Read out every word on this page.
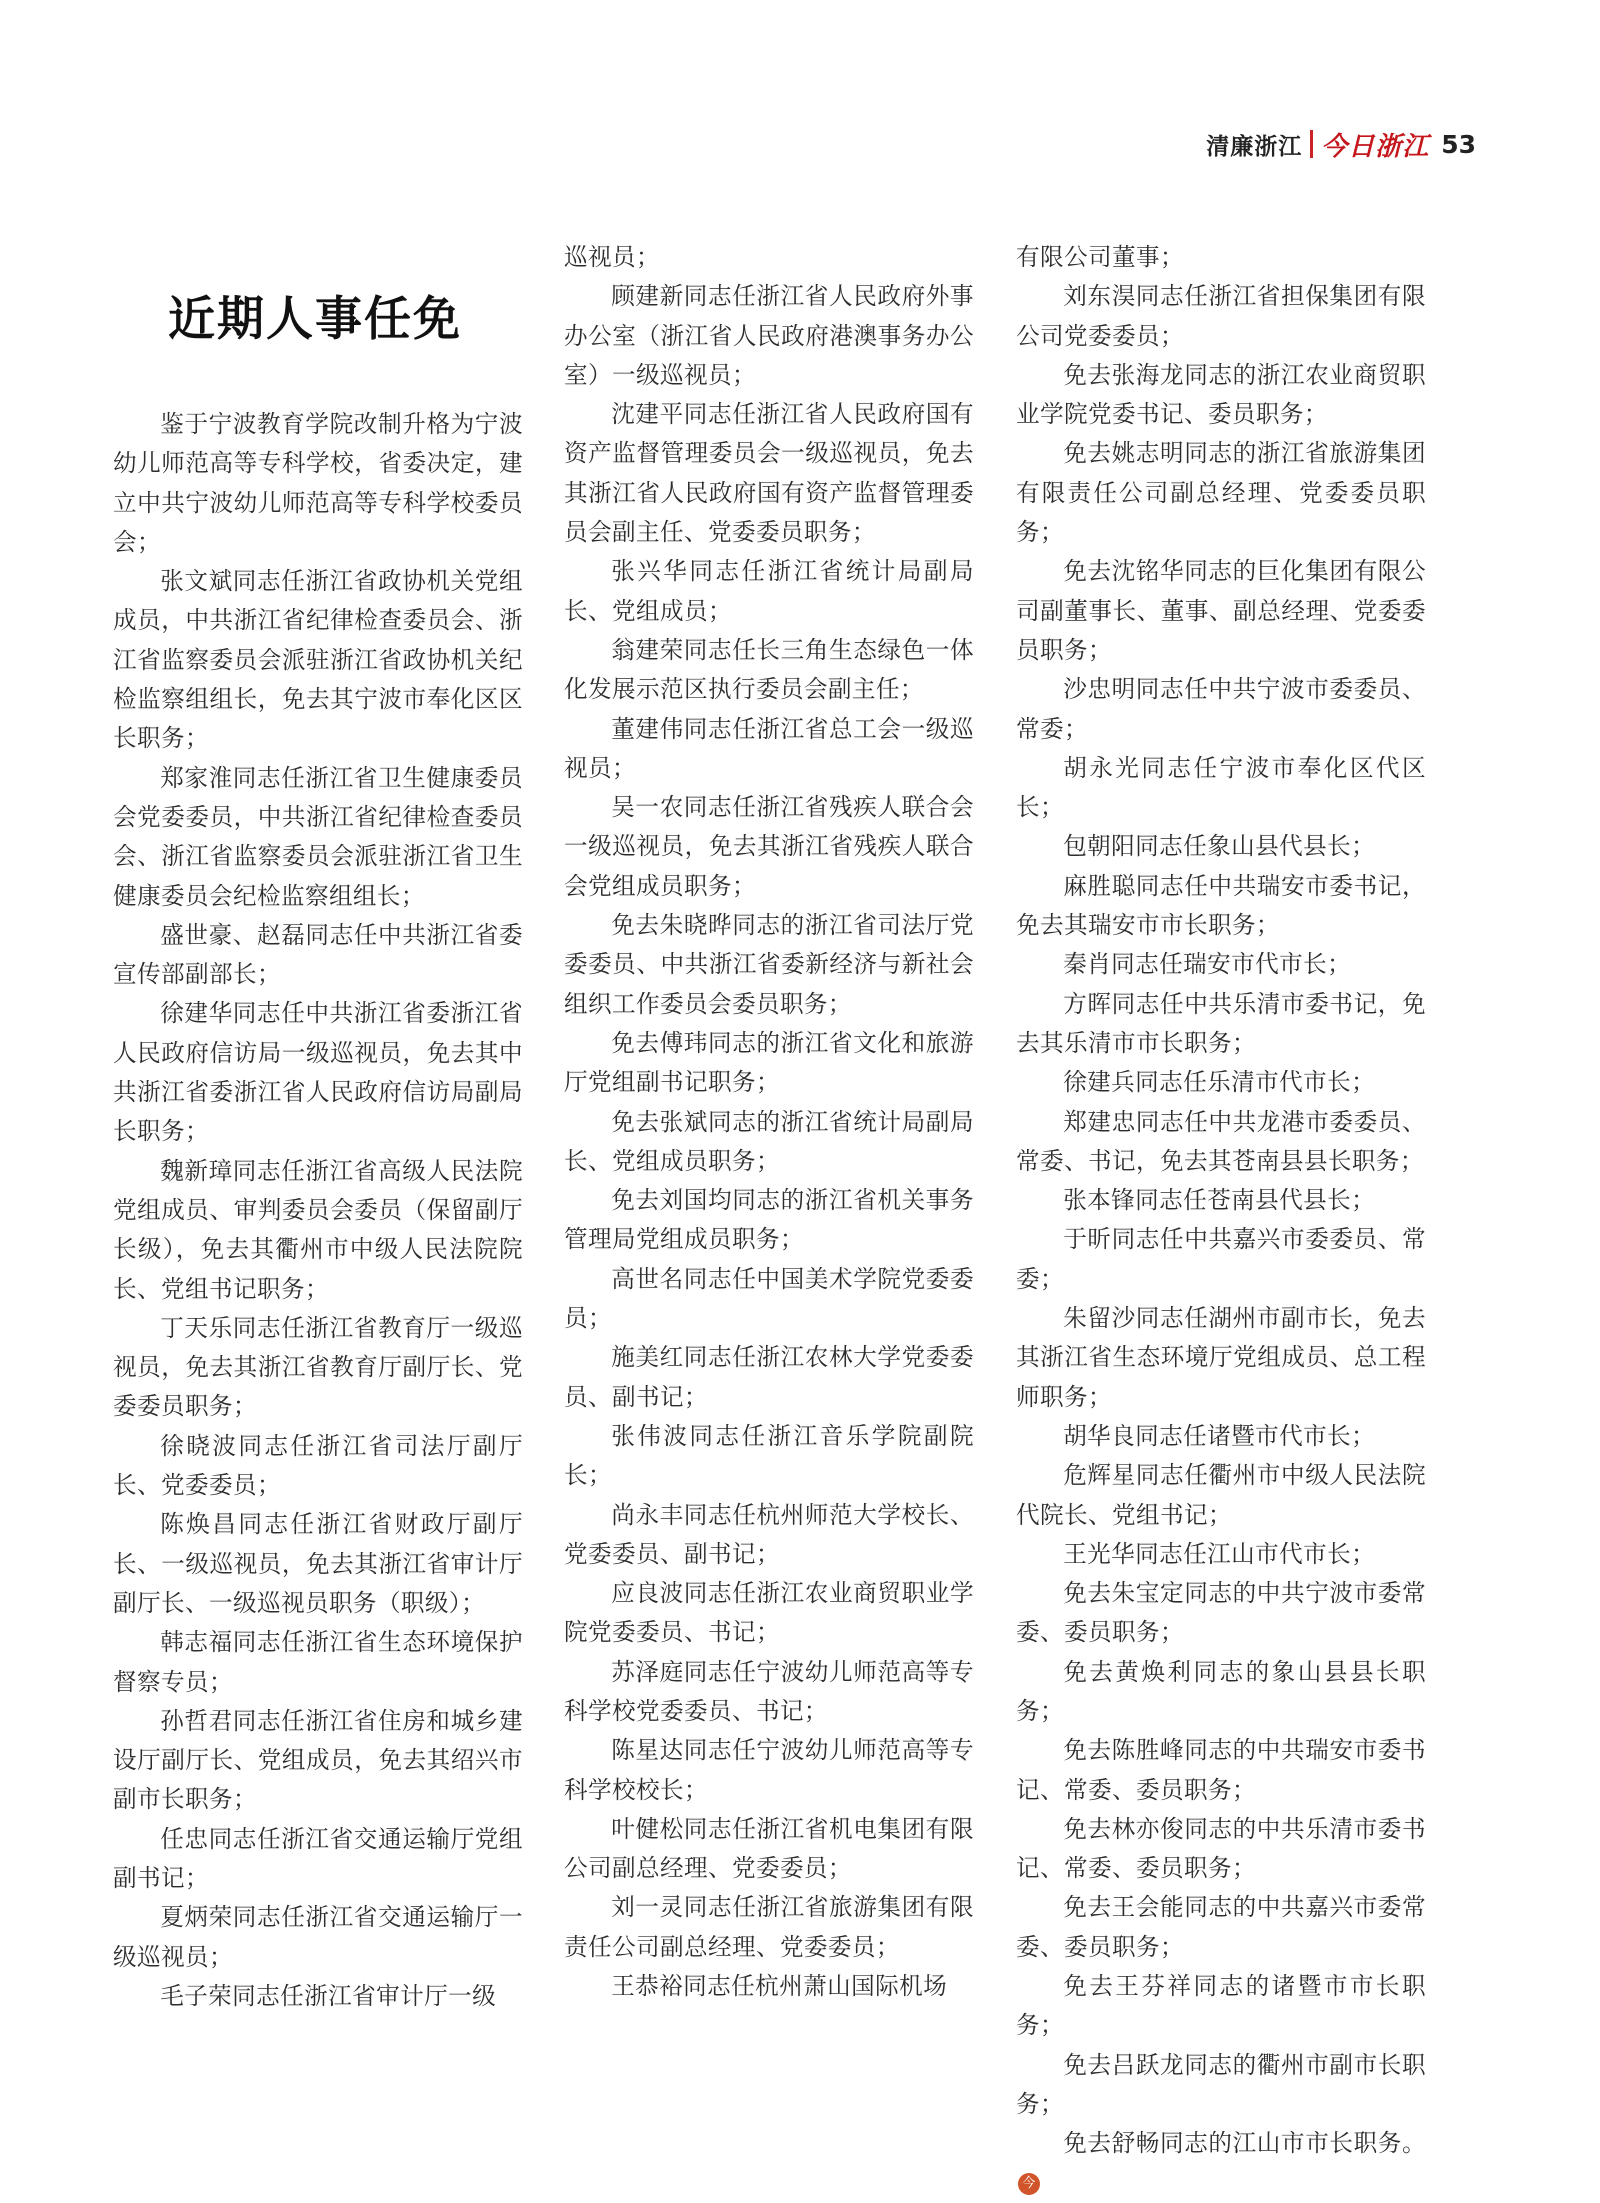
清廉浙江 今日浙江 53
近期人事任免

鉴于宁波教育学院改制升格为宁波幼儿师范高等专科学校，省委决定，建立中共宁波幼儿师范高等专科学校委员会；

张文斌同志任浙江省政协机关党组成员，中共浙江省纪律检查委员会、浙江省监察委员会派驻浙江省政协机关纪检监察组组长，免去其宁波市奉化区区长职务；

郑家淮同志任浙江省卫生健康委员会党委委员，中共浙江省纪律检查委员会、浙江省监察委员会派驻浙江省卫生健康委员会纪检监察组组长；

盛世豪、赵磊同志任中共浙江省委宣传部副部长；

徐建华同志任中共浙江省委浙江省人民政府信访局一级巡视员，免去其中共浙江省委浙江省人民政府信访局副局长职务；

魏新璋同志任浙江省高级人民法院党组成员、审判委员会委员（保留副厅长级），免去其衢州市中级人民法院院长、党组书记职务；

丁天乐同志任浙江省教育厅一级巡视员，免去其浙江省教育厅副厅长、党委委员职务；

徐晓波同志任浙江省司法厅副厅长、党委委员；

陈焕昌同志任浙江省财政厅副厅长、一级巡视员，免去其浙江省审计厅副厅长、一级巡视员职务（职级）；

韩志福同志任浙江省生态环境保护督察专员；

孙哲君同志任浙江省住房和城乡建设厅副厅长、党组成员，免去其绍兴市副市长职务；

任忠同志任浙江省交通运输厅党组副书记；

夏炳荣同志任浙江省交通运输厅一级巡视员；

毛子荣同志任浙江省审计厅一级

巡视员；

顾建新同志任浙江省人民政府外事办公室（浙江省人民政府港澳事务办公室）一级巡视员；

沈建平同志任浙江省人民政府国有资产监督管理委员会一级巡视员，免去其浙江省人民政府国有资产监督管理委员会副主任、党委委员职务；

张兴华同志任浙江省统计局副局长、党组成员；

翁建荣同志任长三角生态绿色一体化发展示范区执行委员会副主任；

董建伟同志任浙江省总工会一级巡视员；

吴一农同志任浙江省残疾人联合会一级巡视员，免去其浙江省残疾人联合会党组成员职务；

免去朱晓晔同志的浙江省司法厅党委委员、中共浙江省委新经济与新社会组织工作委员会委员职务；

免去傅玮同志的浙江省文化和旅游厅党组副书记职务；

免去张斌同志的浙江省统计局副局长、党组成员职务；

免去刘国均同志的浙江省机关事务管理局党组成员职务；

高世名同志任中国美术学院党委委员；

施美红同志任浙江农林大学党委委员、副书记；

张伟波同志任浙江音乐学院副院长；

尚永丰同志任杭州师范大学校长、党委委员、副书记；

应良波同志任浙江农业商贸职业学院党委委员、书记；

苏泽庭同志任宁波幼儿师范高等专科学校党委委员、书记；

陈星达同志任宁波幼儿师范高等专科学校校长；

叶健松同志任浙江省机电集团有限公司副总经理、党委委员；

刘一灵同志任浙江省旅游集团有限责任公司副总经理、党委委员；

王恭裕同志任杭州萧山国际机场

有限公司董事；

刘东淏同志任浙江省担保集团有限公司党委委员；

免去张海龙同志的浙江农业商贸职业学院党委书记、委员职务；

免去姚志明同志的浙江省旅游集团有限责任公司副总经理、党委委员职务；

免去沈铭华同志的巨化集团有限公司副董事长、董事、副总经理、党委委员职务；

沙忠明同志任中共宁波市委委员、常委；

胡永光同志任宁波市奉化区代区长；

包朝阳同志任象山县代县长；

麻胜聪同志任中共瑞安市委书记，免去其瑞安市市长职务；

秦肖同志任瑞安市代市长；

方晖同志任中共乐清市委书记，免去其乐清市市长职务；

徐建兵同志任乐清市代市长；

郑建忠同志任中共龙港市委委员、常委、书记，免去其苍南县县长职务；

张本锋同志任苍南县代县长；

于昕同志任中共嘉兴市委委员、常委；

朱留沙同志任湖州市副市长，免去其浙江省生态环境厅党组成员、总工程师职务；

胡华良同志任诸暨市代市长；

危辉星同志任衢州市中级人民法院代院长、党组书记；

王光华同志任江山市代市长；

免去朱宝定同志的中共宁波市委常委、委员职务；

免去黄焕利同志的象山县县长职务；

免去陈胜峰同志的中共瑞安市委书记、常委、委员职务；

免去林亦俊同志的中共乐清市委书记、常委、委员职务；

免去王会能同志的中共嘉兴市委常委、委员职务；

免去王芬祥同志的诸暨市市长职务；

免去吕跃龙同志的衢州市副市长职务；

免去舒畅同志的江山市市长职务。今
